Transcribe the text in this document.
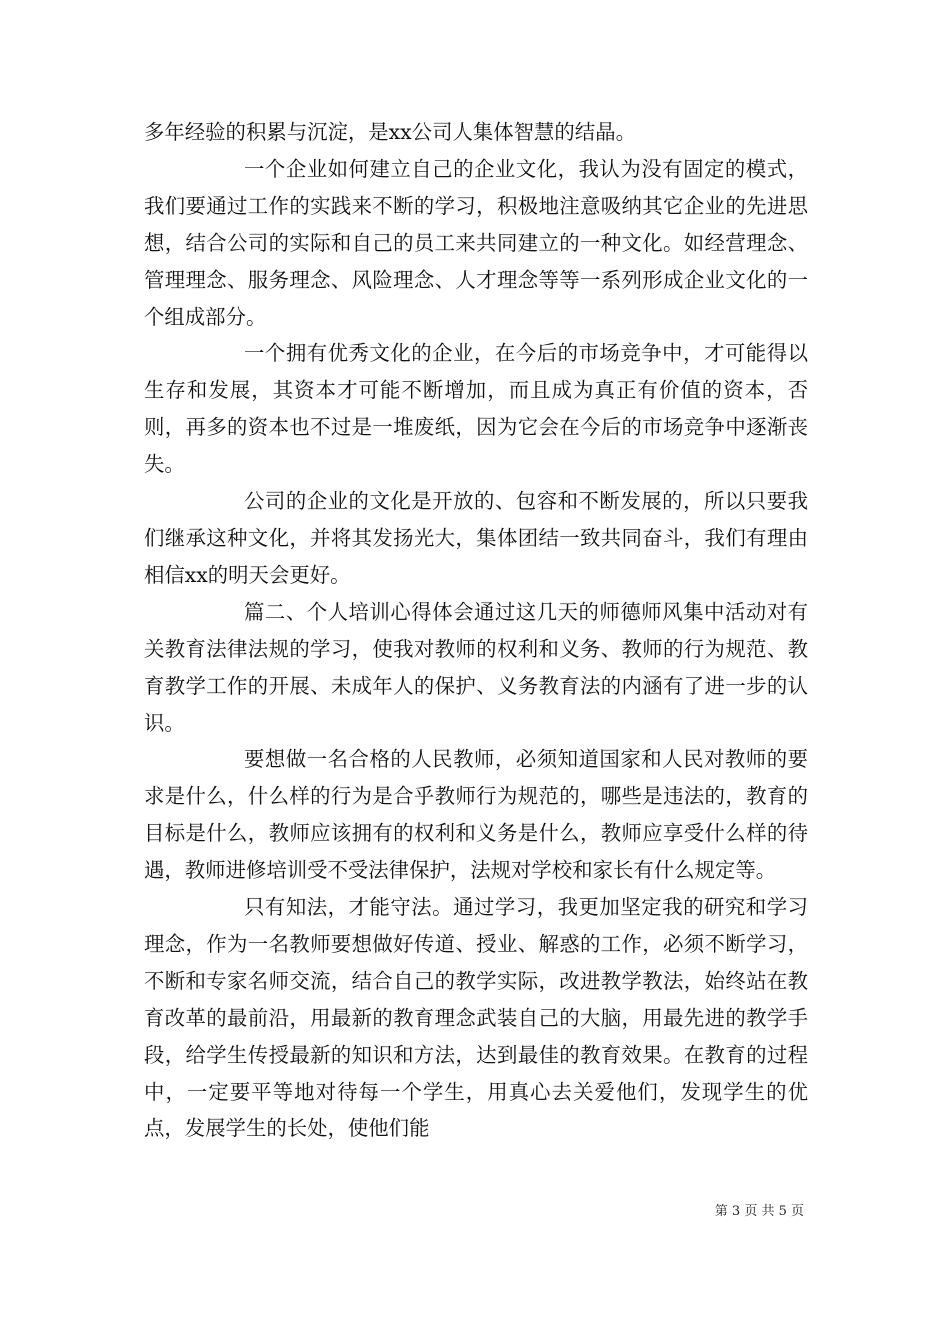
多年经验的积累与沉淀，是xx公司人集体智慧的结晶。

一个企业如何建立自己的企业文化，我认为没有固定的模式，我们要通过工作的实践来不断的学习，积极地注意吸纳其它企业的先进思想，结合公司的实际和自己的员工来共同建立的一种文化。如经营理念、管理理念、服务理念、风险理念、人才理念等等一系列形成企业文化的一个组成部分。

一个拥有优秀文化的企业，在今后的市场竞争中，才可能得以生存和发展，其资本才可能不断增加，而且成为真正有价值的资本，否则，再多的资本也不过是一堆废纸，因为它会在今后的市场竞争中逐渐丧失。

公司的企业的文化是开放的、包容和不断发展的，所以只要我们继承这种文化，并将其发扬光大，集体团结一致共同奋斗，我们有理由相信xx的明天会更好。

篇二、个人培训心得体会通过这几天的师德师风集中活动对有关教育法律法规的学习，使我对教师的权利和义务、教师的行为规范、教育教学工作的开展、未成年人的保护、义务教育法的内涵有了进一步的认识。

要想做一名合格的人民教师，必须知道国家和人民对教师的要求是什么，什么样的行为是合乎教师行为规范的，哪些是违法的，教育的目标是什么，教师应该拥有的权利和义务是什么，教师应享受什么样的待遇，教师进修培训受不受法律保护，法规对学校和家长有什么规定等。

只有知法，才能守法。通过学习，我更加坚定我的研究和学习理念，作为一名教师要想做好传道、授业、解惑的工作，必须不断学习，不断和专家名师交流，结合自己的教学实际，改进教学教法，始终站在教育改革的最前沿，用最新的教育理念武装自己的大脑，用最先进的教学手段，给学生传授最新的知识和方法，达到最佳的教育效果。在教育的过程中，一定要平等地对待每一个学生，用真心去关爱他们，发现学生的优点，发展学生的长处，使他们能

第 3 页 共 5 页
